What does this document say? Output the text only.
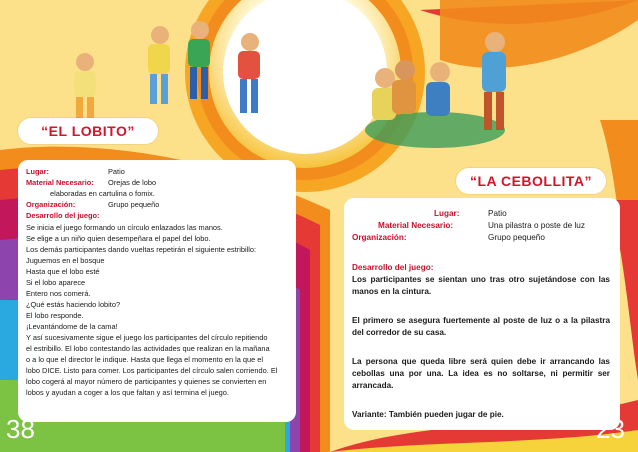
“EL LOBITO”
“LA CEBOLLITA”
Lugar:	Patio
Material Necesario: Orejas de lobo
elaboradas en cartulina o fomix.
Organización:	Grupo pequeño
Desarrollo del juego:
Se inicia el juego formando un círculo enlazados las manos.
Se elige a un niño quien desempeñara el papel del lobo.
Los demás participantes dando vueltas repetirán el siguiente estribillo:
Juguemos en el bosque
Hasta que el lobo esté
Si el lobo aparece
Entero nos comerá.
¿Qué estás haciendo lobito?
El lobo responde.
¡Levantándome de la cama!
Y así sucesivamente sigue el juego los participantes del círculo repitiendo
el estribillo. El lobo contestando las actividades que realizan en la mañana
o a lo que el director le indique. Hasta que llega el momento en la que el
lobo DICE. Listo para comer. Los participantes del círculo salen corriendo. El
lobo cogerá al mayor número de participantes y quienes se convierten en
lobos y ayudan a coger a los que faltan y así termina el juego.
Lugar:	Patio
Material Necesario:	Una pilastra o poste de luz
Organización:	Grupo pequeño
Desarrollo del juego:
Los participantes se sientan uno tras otro sujetándose con las manos en la cintura.
El primero se asegura fuertemente al poste de luz o a la pilastra del corredor de su casa.
La persona que queda libre será quien debe ir arrancando las cebollas una por una. La idea es no soltarse, ni permitir ser arrancada.
Variante: También pueden jugar de pie.
38	23
